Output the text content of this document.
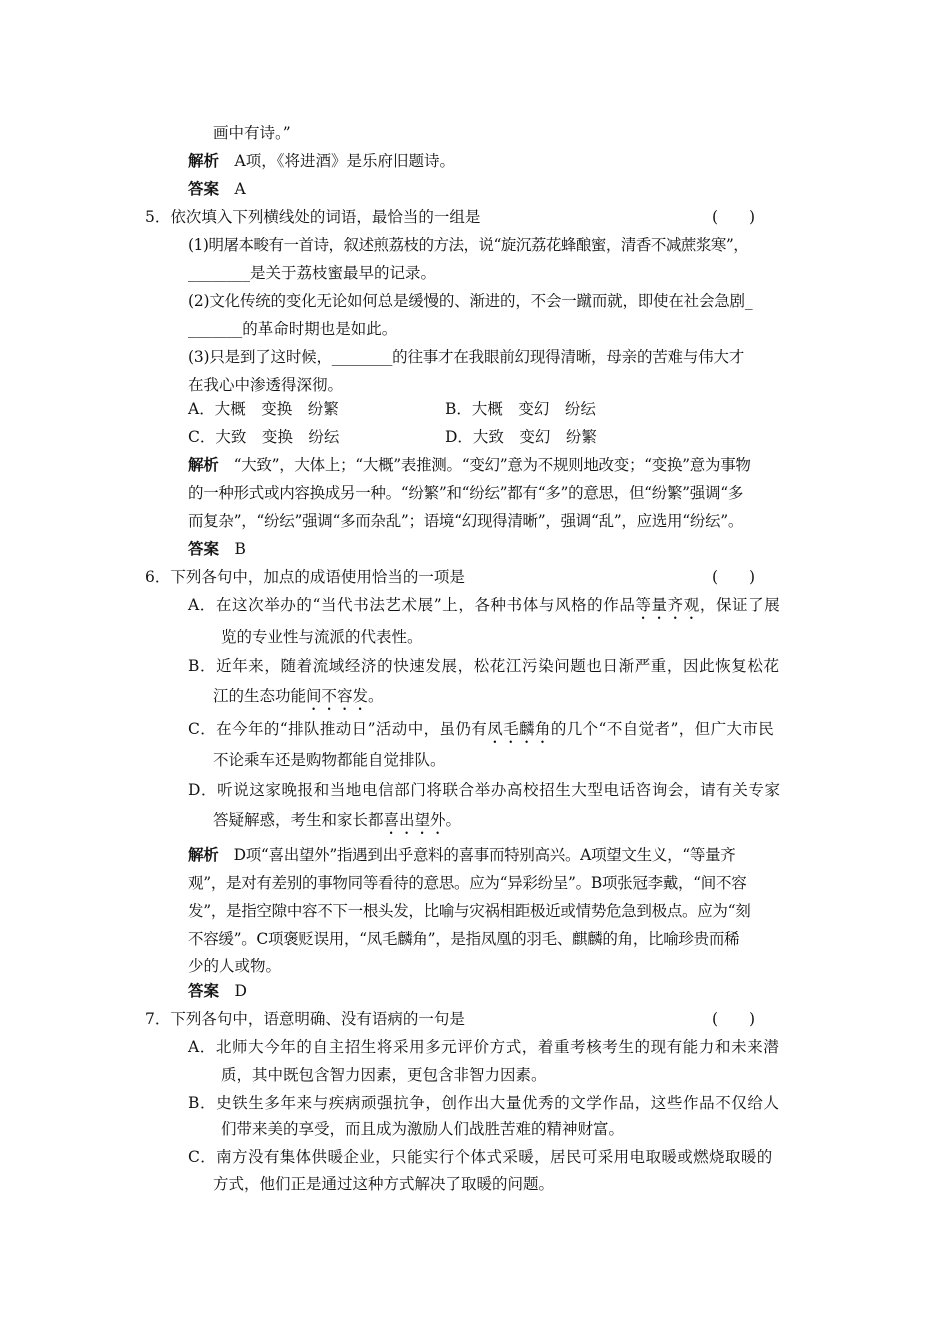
画中有诗。”
解析　 A项，《将进酒》是乐府旧题诗。
答案　 A
5．依次填入下列横线处的词语，最恰当的一组是	(　　)
(1)明屠本畯有一首诗，叙述煎荔枝的方法，说“旋沉荔花蜂酿蜜，清香不减蔗浆寒”，
________是关于荔枝蜜最早的记录。
(2)文化传统的变化无论如何总是缓慢的、渐进的，不会一蹴而就，即使在社会急剧_
_______的革命时期也是如此。
(3)只是到了这时候，________的往事才在我眼前幻现得清晰，母亲的苦难与伟大才
在我心中渗透得深彻。
A．大概　变换　纷繁	B．大概　变幻　纷纭
C．大致　变换　纷纭	D．大致　变幻　纷繁
解析　 “大致”，大体上；“大概”表推测。“变幻”意为不规则地改变；“变换”意为事物
的一种形式或内容换成另一种。“纷繁”和“纷纭”都有“多”的意思，但“纷繁”强调“多
而复杂”，“纷纭”强调“多而杂乱”；语境“幻现得清晰”，强调“乱”，应选用“纷纭”。
答案　 B
6．下列各句中，加点的成语使用恰当的一项是	(　　)
A．在这次举办的“当代书法艺术展”上，各种书体与风格的作品等量齐观，保证了展
览的专业性与流派的代表性。
B．近年来，随着流域经济的快速发展，松花江污染问题也日渐严重，因此恢复松花
江的生态功能间不容发。
C．在今年的“排队推动日”活动中，虽仍有凤毛麟角的几个“不自觉者”，但广大市民
不论乘车还是购物都能自觉排队。
D．听说这家晚报和当地电信部门将联合举办高校招生大型电话咨询会，请有关专家
答疑解惑，考生和家长都喜出望外。
解析　 D项“喜出望外”指遇到出乎意料的喜事而特别高兴。A项望文生义，“等量齐
观”，是对有差别的事物同等看待的意思。应为“异彩纷呈”。B项张冠李戴，“间不容
发”，是指空隙中容不下一根头发，比喻与灾祸相距极近或情势危急到极点。应为“刻
不容缓”。C项褒贬误用，“凤毛麟角”，是指凤凰的羽毛、麒麟的角，比喻珍贵而稀
少的人或物。
答案　 D
7．下列各句中，语意明确、没有语病的一句是	(　　)
A．北师大今年的自主招生将采用多元评价方式，着重考核考生的现有能力和未来潜
质，其中既包含智力因素，更包含非智力因素。
B．史铁生多年来与疾病顽强抗争，创作出大量优秀的文学作品，这些作品不仅给人
们带来美的享受，而且成为激励人们战胜苦难的精神财富。
C．南方没有集体供暖企业，只能实行个体式采暖，居民可采用电取暖或燃烧取暖的
方式，他们正是通过这种方式解决了取暖的问题。
